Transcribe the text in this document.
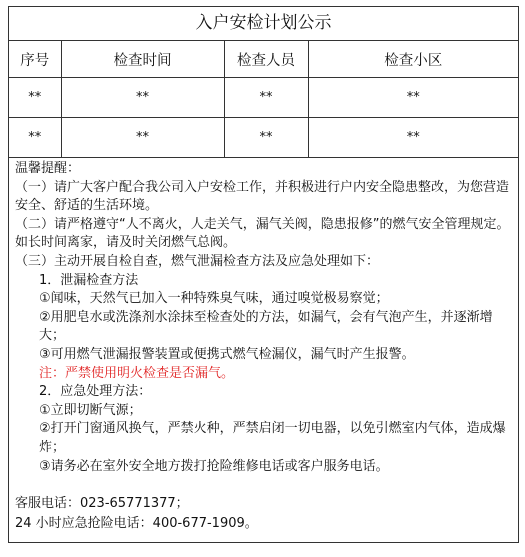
入户安检计划公示
序号	检查时间	检查人员	检查小区
**	**	**	**
**	**	**	**

温馨提醒：

（一）请广大客户配合我公司入户安检工作，并积极进行户内安全隐患整改，为您营造安全、舒适的生活环境。

（二）请严格遵守“人不离火，人走关气，漏气关阀，隐患报修”的燃气安全管理规定。如长时间离家，请及时关闭燃气总阀。

（三）主动开展自检自查，燃气泄漏检查方法及应急处理如下：

1．泄漏检查方法

①闻味，天然气已加入一种特殊臭气味，通过嗅觉极易察觉；

②用肥皂水或洗涤剂水涂抹至检查处的方法，如漏气，会有气泡产生，并逐渐增大；

③可用燃气泄漏报警装置或便携式燃气检漏仪，漏气时产生报警。

注：严禁使用明火检查是否漏气。

2．应急处理方法：

①立即切断气源；

②打开门窗通风换气，严禁火种，严禁启闭一切电器，以免引燃室内气体，造成爆炸；

③请务必在室外安全地方拨打抢险维修电话或客户服务电话。

客服电话：023-65771377；
24 小时应急抢险电话：400-677-1909。
